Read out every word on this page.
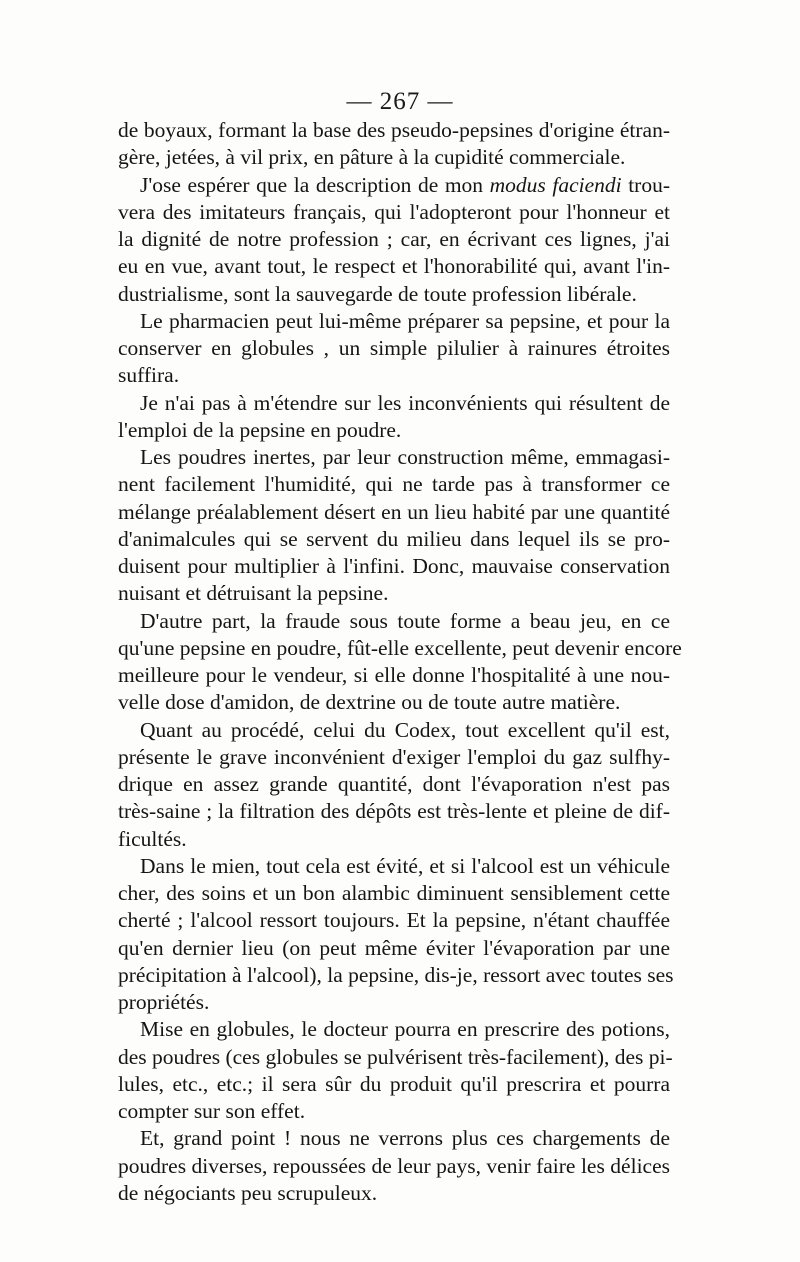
— 267 —
de boyaux, formant la base des pseudo-pepsines d'origine étran-
gère, jetées, à vil prix, en pâture à la cupidité commerciale.
J'ose espérer que la description de mon modus faciendi trou-
vera des imitateurs français, qui l'adopteront pour l'honneur et
la dignité de notre profession ; car, en écrivant ces lignes, j'ai
eu en vue, avant tout, le respect et l'honorabilité qui, avant l'in-
dustrialisme, sont la sauvegarde de toute profession libérale.
Le pharmacien peut lui-même préparer sa pepsine, et pour la
conserver en globules , un simple pilulier à rainures étroites
suffira.
Je n'ai pas à m'étendre sur les inconvénients qui résultent de
l'emploi de la pepsine en poudre.
Les poudres inertes, par leur construction même, emmagasi-
nent facilement l'humidité, qui ne tarde pas à transformer ce
mélange préalablement désert en un lieu habité par une quantité
d'animalcules qui se servent du milieu dans lequel ils se pro-
duisent pour multiplier à l'infini. Donc, mauvaise conservation
nuisant et détruisant la pepsine.
D'autre part, la fraude sous toute forme a beau jeu, en ce
qu'une pepsine en poudre, fût-elle excellente, peut devenir encore
meilleure pour le vendeur, si elle donne l'hospitalité à une nou-
velle dose d'amidon, de dextrine ou de toute autre matière.
Quant au procédé, celui du Codex, tout excellent qu'il est,
présente le grave inconvénient d'exiger l'emploi du gaz sulfhy-
drique en assez grande quantité, dont l'évaporation n'est pas
très-saine ; la filtration des dépôts est très-lente et pleine de dif-
ficultés.
Dans le mien, tout cela est évité, et si l'alcool est un véhicule
cher, des soins et un bon alambic diminuent sensiblement cette
cherté ; l'alcool ressort toujours. Et la pepsine, n'étant chauffée
qu'en dernier lieu (on peut même éviter l'évaporation par une
précipitation à l'alcool), la pepsine, dis-je, ressort avec toutes ses
propriétés.
Mise en globules, le docteur pourra en prescrire des potions,
des poudres (ces globules se pulvérisent très-facilement), des pi-
lules, etc., etc.; il sera sûr du produit qu'il prescrira et pourra
compter sur son effet.
Et, grand point ! nous ne verrons plus ces chargements de
poudres diverses, repoussées de leur pays, venir faire les délices
de négociants peu scrupuleux.
